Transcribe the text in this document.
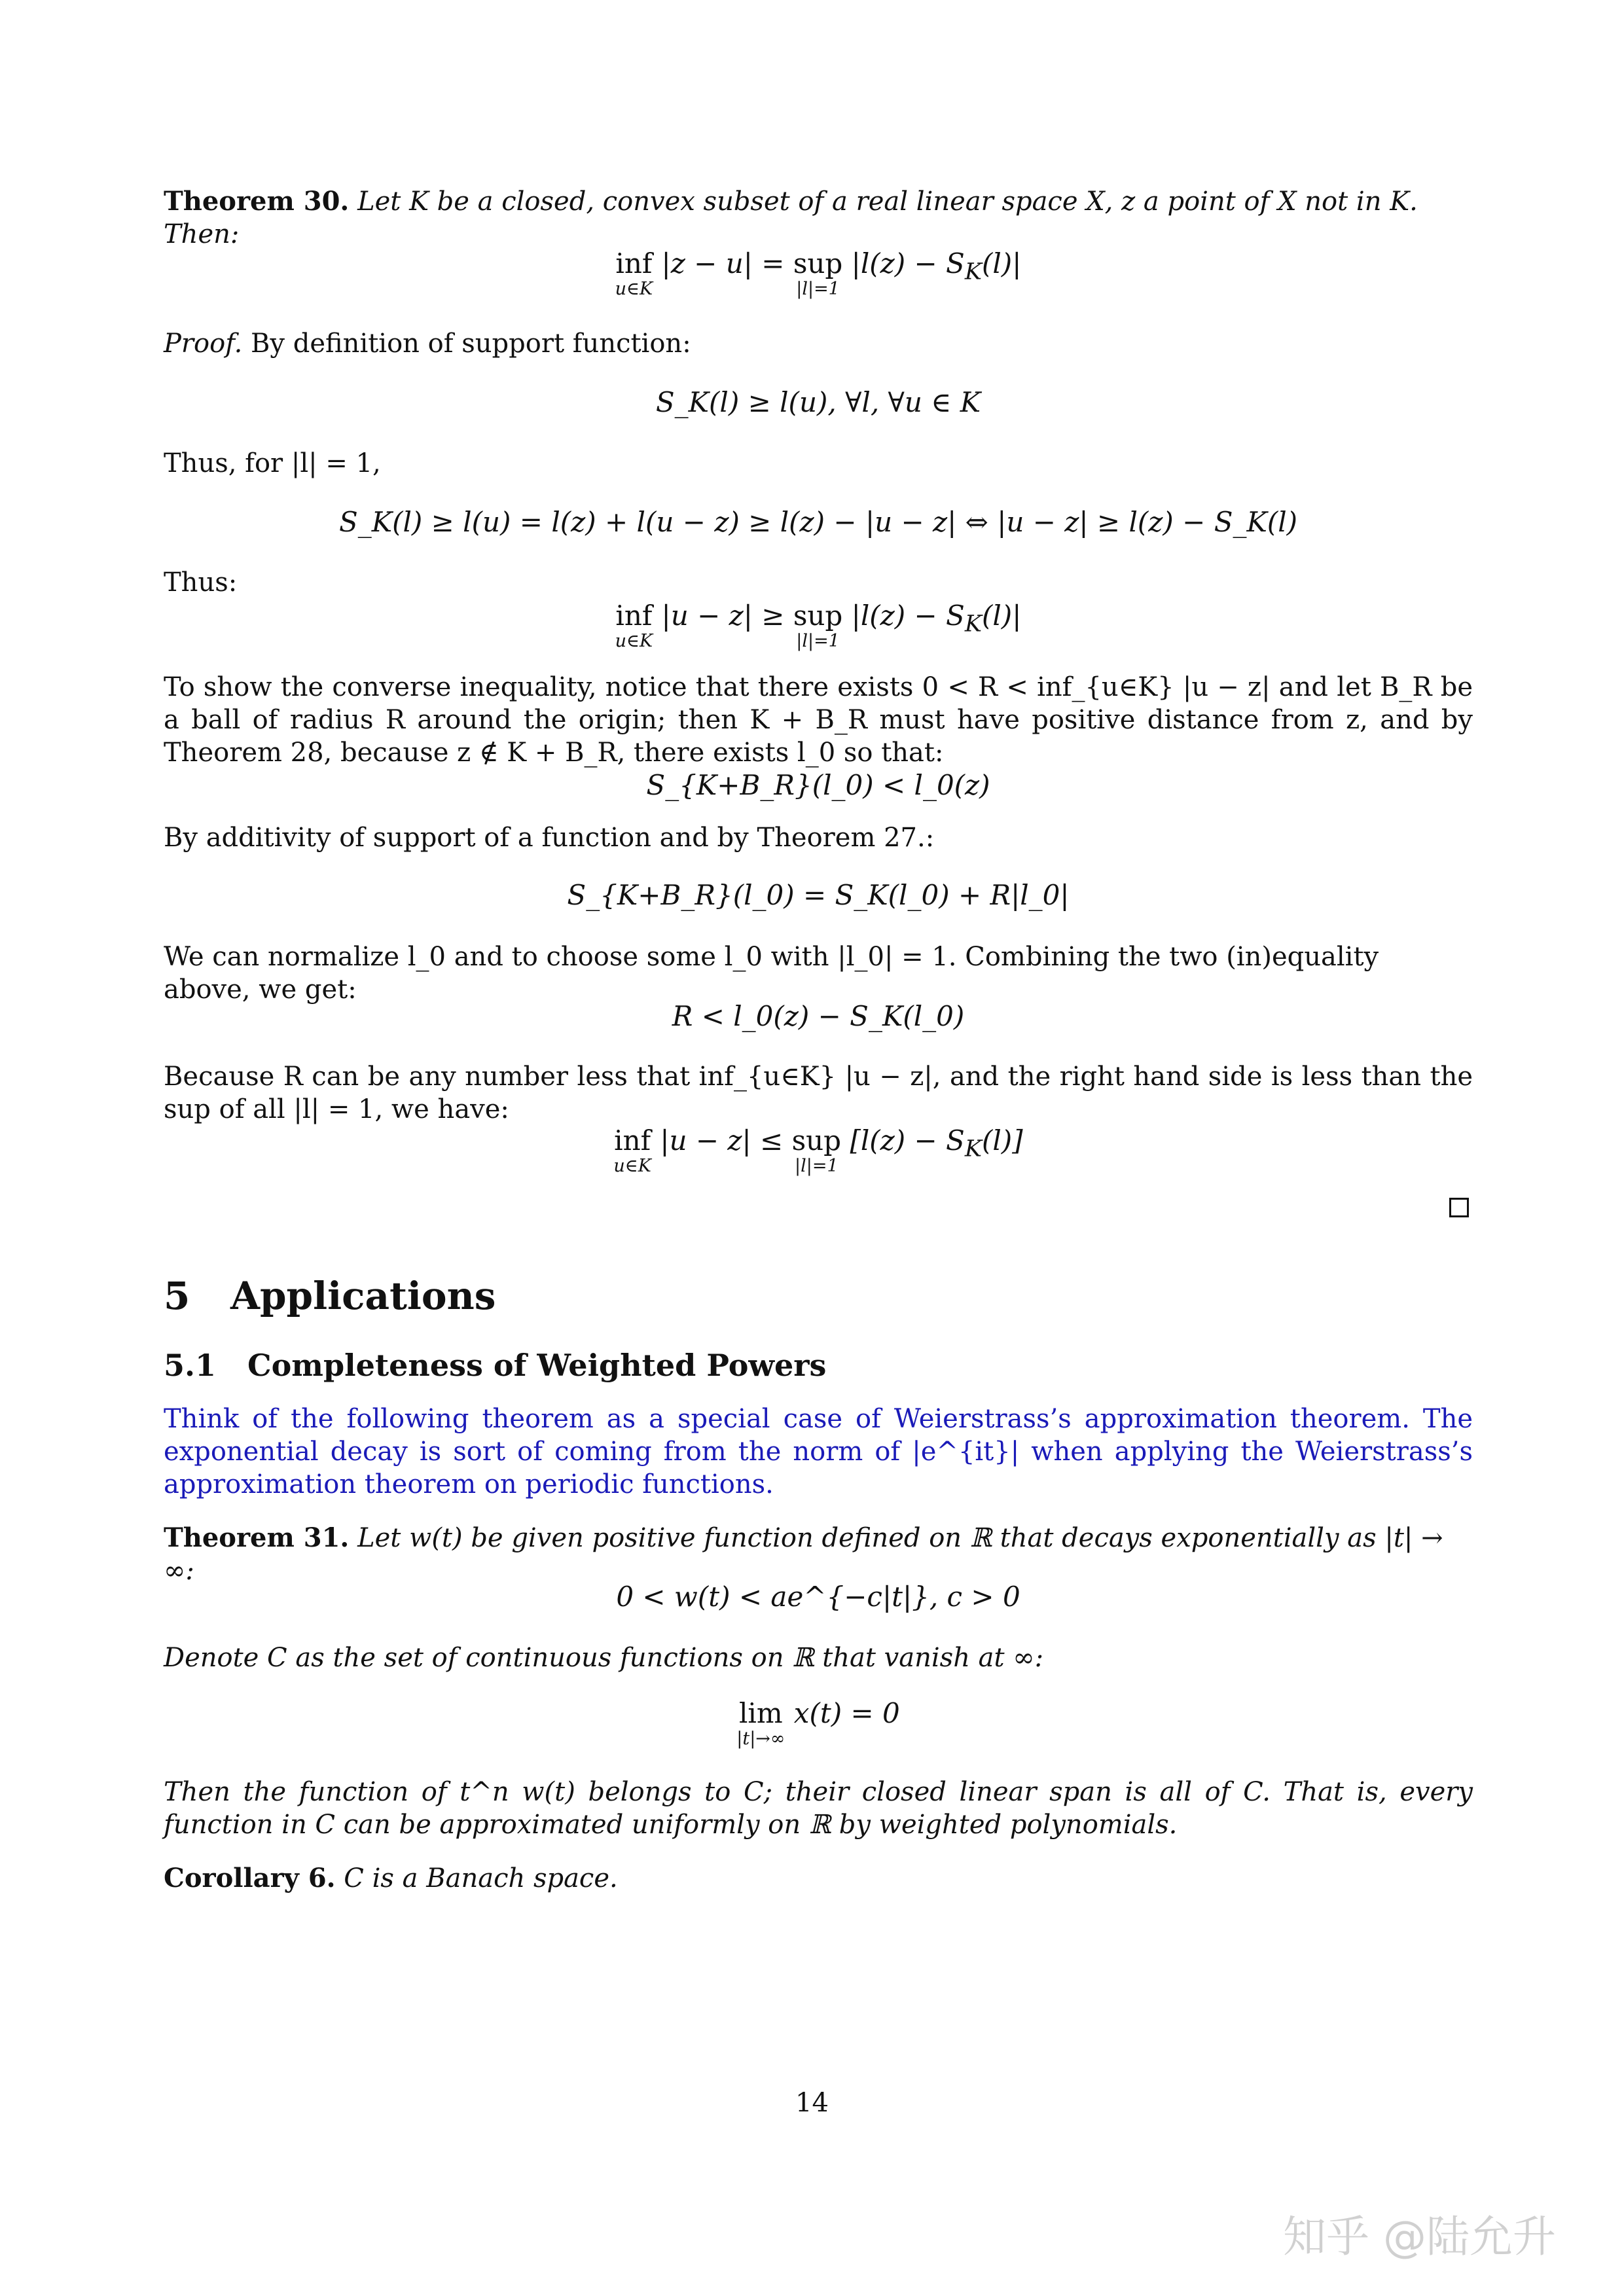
Theorem 30. Let K be a closed, convex subset of a real linear space X, z a point of X not in K. Then:

inf
u∈K
|z − u| = sup
|l|=1
$|l(z) - S_K(l)|$

Proof. By definition of support function:

S_K(l) ≥ l(u), ∀l, ∀u ∈ K
Thus, for |l| = 1,
S_K(l) ≥ l(u) = l(z) + l(u − z) ≥ l(z) − |u − z| ⇔ |u − z| ≥ l(z) − S_K(l)
Thus:
inf
u∈K
|u − z| ≥ sup
|l|=1
$|l(z) - S_K(l)|$
To show the converse inequality, notice that there exists 0 < R < inf_{u∈K} |u − z| and let B_R be a ball of radius R around the origin; then K + B_R must have positive distance from z, and by Theorem 28, because z ∉ K + B_R, there exists l_0 so that:
S_{K+B_R}(l_0) < l_0(z)
By additivity of support of a function and by Theorem 27.:
S_{K+B_R}(l_0) = S_K(l_0) + R|l_0|
We can normalize l_0 and to choose some l_0 with |l_0| = 1. Combining the two (in)equality above, we get:
R < l_0(z) − S_K(l_0)
Because R can be any number less that inf_{u∈K} |u − z|, and the right hand side is less than the sup of all |l| = 1, we have:
inf
u∈K
|u − z| ≤ sup
|l|=1
$[l(z) - S_K(l)]$
5 Applications
5.1 Completeness of Weighted Powers
Think of the following theorem as a special case of Weierstrass’s approximation theorem. The exponential decay is sort of coming from the norm of |e^{it}| when applying the Weierstrass’s approximation theorem on periodic functions.

Theorem 31. Let w(t) be given positive function defined on ℝ that decays exponentially as |t| → ∞:

0 < w(t) < ae^{−c|t|}, c > 0
Denote C as the set of continuous functions on ℝ that vanish at ∞:
lim
|t|→∞
x(t) = 0
Then the function of t^n w(t) belongs to C; their closed linear span is all of C. That is, every function in C can be approximated uniformly on ℝ by weighted polynomials.

Corollary 6. C is a Banach space.

14
知乎 @陆允升
